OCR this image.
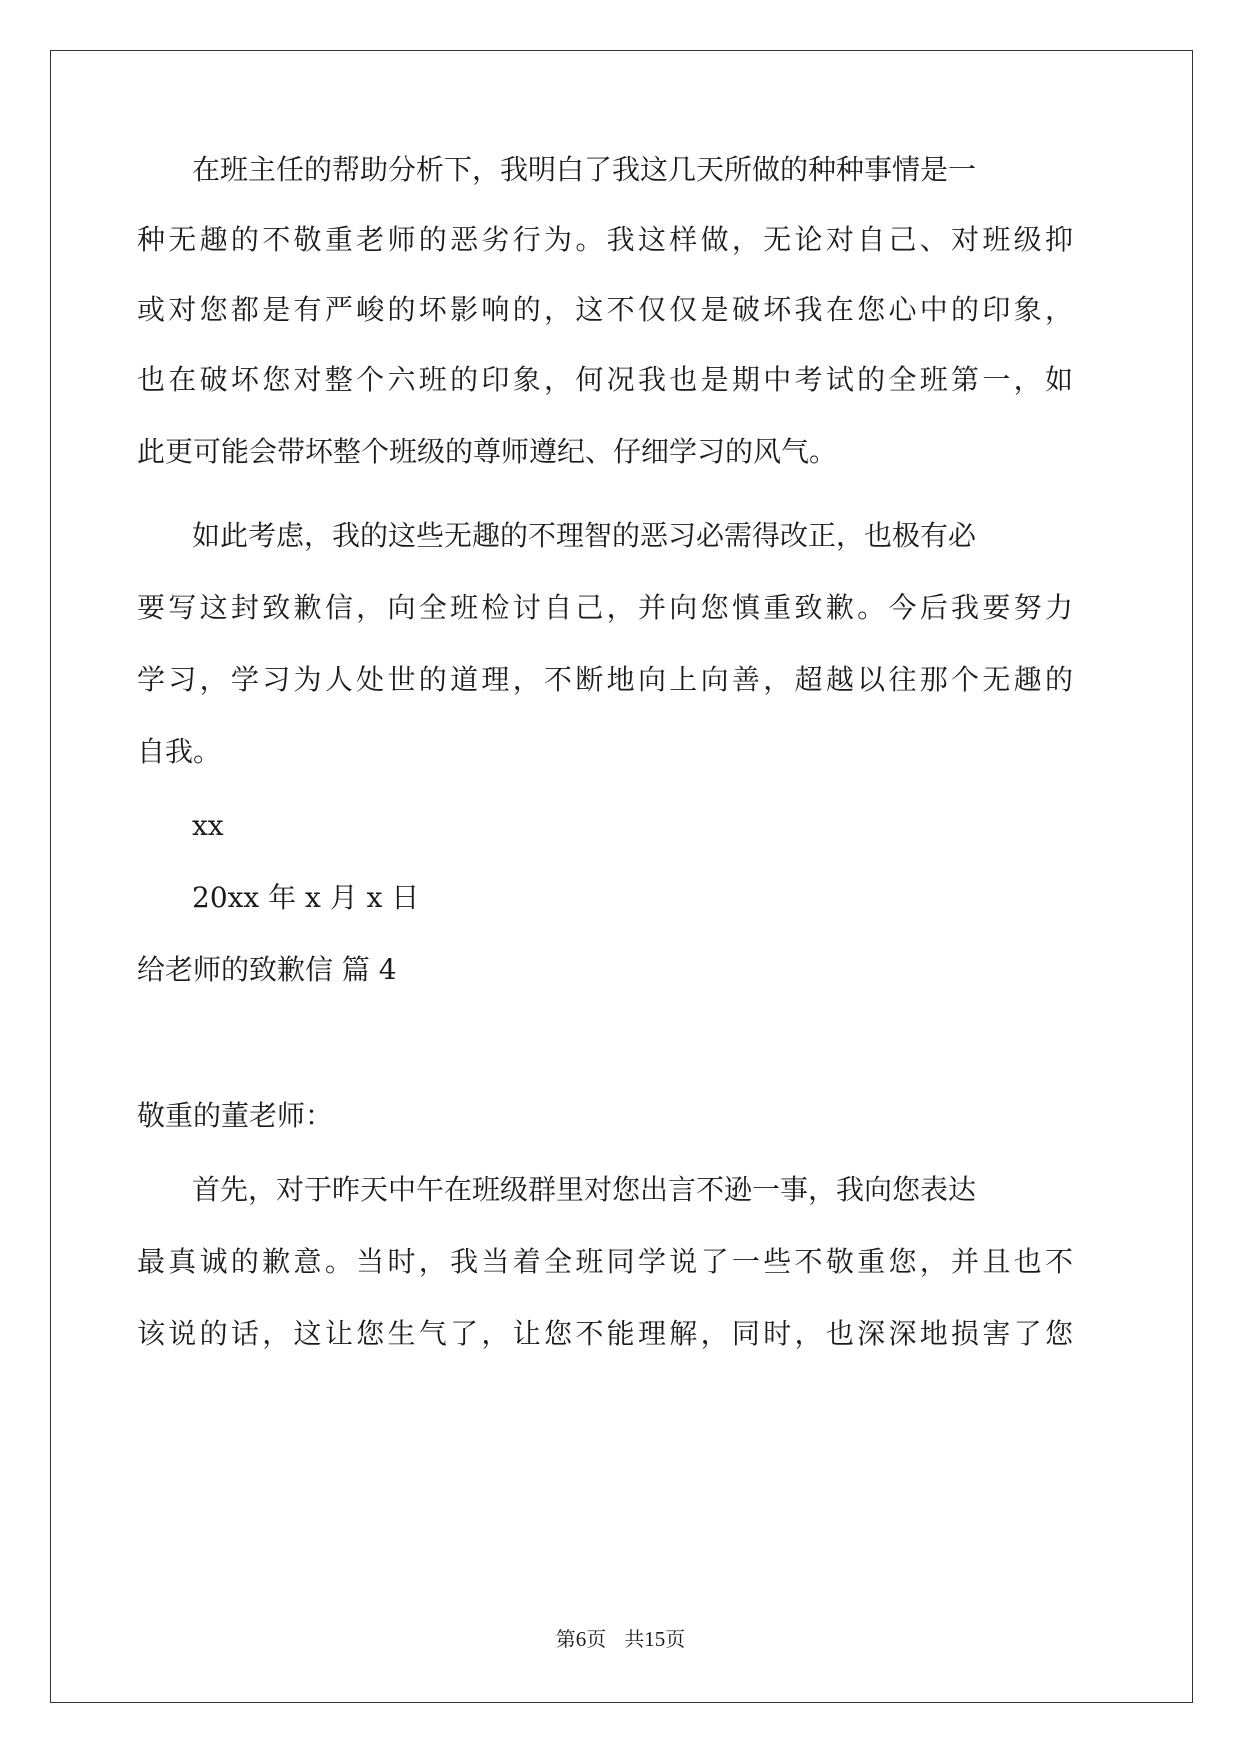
在班主任的帮助分析下，我明白了我这几天所做的种种事情是一
种无趣的不敬重老师的恶劣行为。我这样做，无论对自己、对班级抑
或对您都是有严峻的坏影响的，这不仅仅是破坏我在您心中的印象，
也在破坏您对整个六班的印象，何况我也是期中考试的全班第一，如
此更可能会带坏整个班级的尊师遵纪、仔细学习的风气。
如此考虑，我的这些无趣的不理智的恶习必需得改正，也极有必
要写这封致歉信，向全班检讨自己，并向您慎重致歉。今后我要努力
学习，学习为人处世的道理，不断地向上向善，超越以往那个无趣的
自我。
xx
20xx 年 x 月 x 日
给老师的致歉信 篇 4
敬重的董老师：
首先，对于昨天中午在班级群里对您出言不逊一事，我向您表达
最真诚的歉意。当时，我当着全班同学说了一些不敬重您，并且也不
该说的话，这让您生气了，让您不能理解，同时，也深深地损害了您
第6页 共15页
